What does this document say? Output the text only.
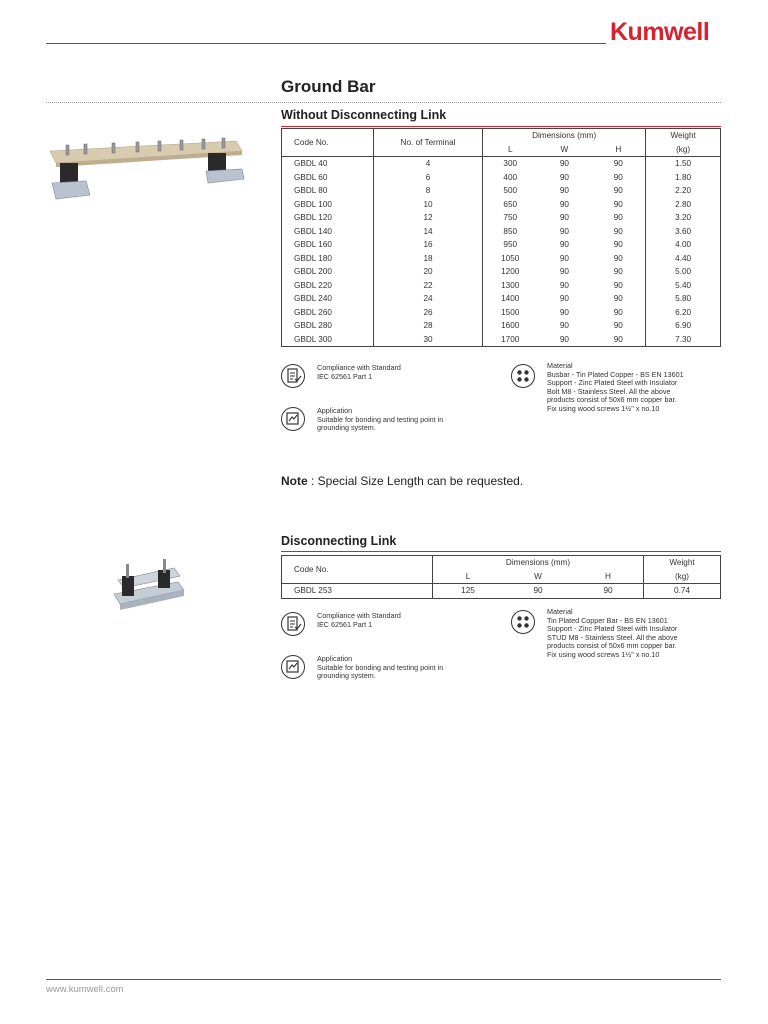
Kumwell
Ground Bar
Without Disconnecting Link
Code No.	No. of Terminal	Dimensions (mm)			Weight
		L	W	H	(kg)
GBDL 40	4	300	90	90	1.50
GBDL 60	6	400	90	90	1.80
GBDL 80	8	500	90	90	2.20
GBDL 100	10	650	90	90	2.80
GBDL 120	12	750	90	90	3.20
GBDL 140	14	850	90	90	3.60
GBDL 160	16	950	90	90	4.00
GBDL 180	18	1050	90	90	4.40
GBDL 200	20	1200	90	90	5.00
GBDL 220	22	1300	90	90	5.40
GBDL 240	24	1400	90	90	5.80
GBDL 260	26	1500	90	90	6.20
GBDL 280	28	1600	90	90	6.90
GBDL 300	30	1700	90	90	7.30
Compliance with Standard
IEC 62561 Part 1
Application
Suitable for bonding and testing point in
grounding system.
Material
Busbar - Tin Plated Copper - BS EN 13601
Support - Zinc Plated Steel with Insulator
Bolt M8 - Stainless Steel. All the above
products consist of 50x6 mm copper bar.
Fix using wood screws 1½" x no.10
Note : Special Size Length can be requested.
Disconnecting Link
Code No.	Dimensions (mm)			Weight
	L	W	H	(kg)
GBDL 253	125	90	90	0.74
Compliance with Standard
IEC 62561 Part 1
Application
Suitable for bonding and testing point in
grounding system.
Material
Tin Plated Copper Bar - BS EN 13601
Support - Zinc Plated Steel with Insulator
STUD M8 - Stainless Steel. All the above
products consist of 50x6 mm copper bar.
Fix using wood screws 1½" x no.10
www.kumwell.com
